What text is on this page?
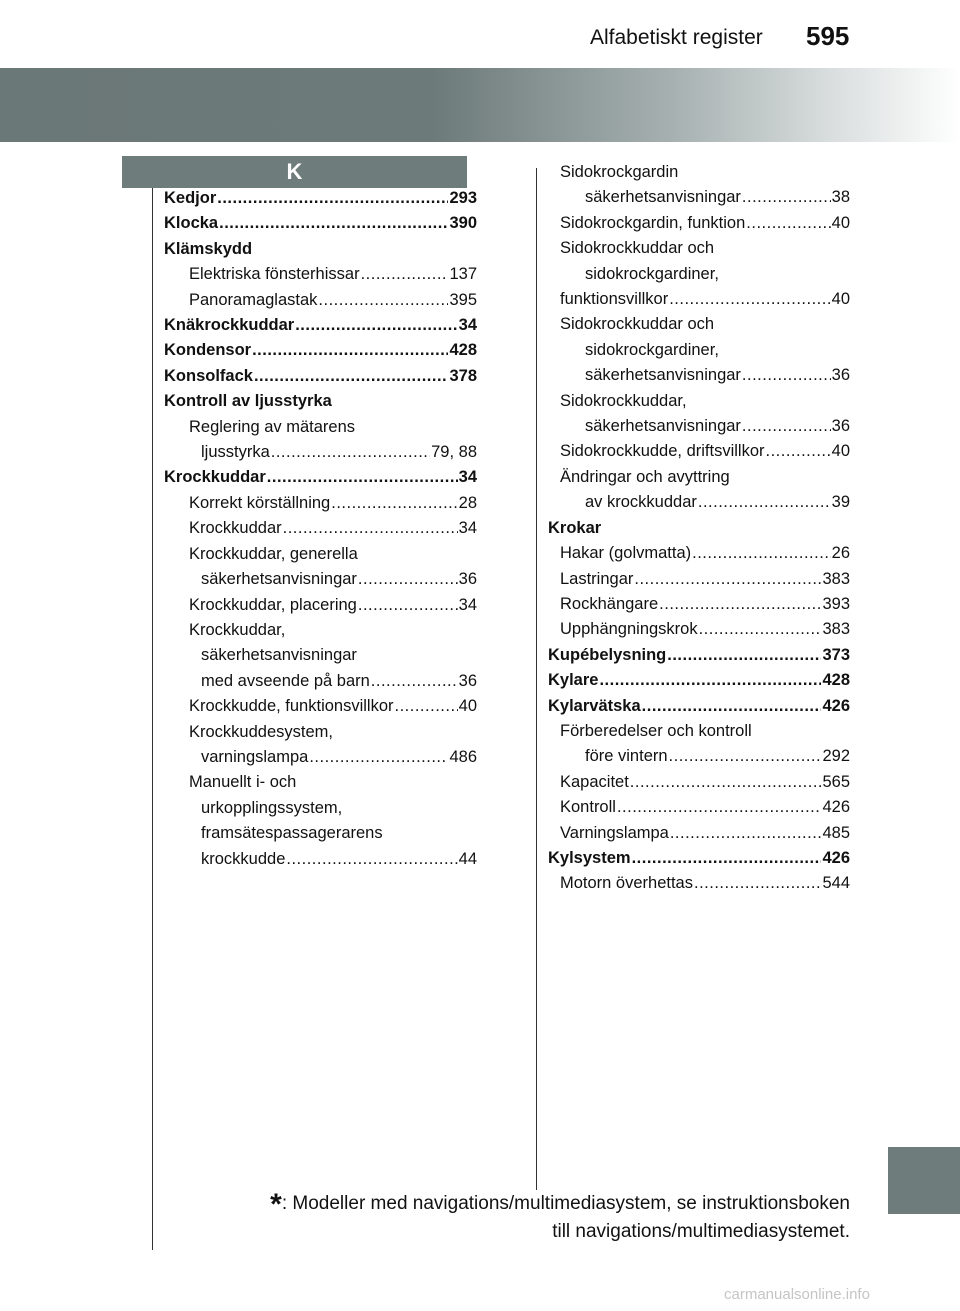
Alfabetiskt register 595
K
Kedjor .....	293
Klocka .....	390
Klämskydd
Elektriska fönsterhissar .....	137
Panoramaglastak .....	395
Knäkrockkuddar .....	34
Kondensor .....	428
Konsolfack .....	378
Kontroll av ljusstyrka
Reglering av mätarens
ljusstyrka .....	79, 88
Krockkuddar .....	34
Korrekt körställning .....	28
Krockkuddar .....	34
Krockkuddar, generella
säkerhetsanvisningar .....	36
Krockkuddar, placering .....	34
Krockkuddar,
säkerhetsanvisningar
med avseende på barn .....	36
Krockkudde, funktionsvillkor .....	40
Krockkuddesystem,
varningslampa .....	486
Manuellt i- och
urkopplingssystem,
framsätespassagerarens
krockkudde .....	44
Sidokrockgardin
säkerhetsanvisningar .....	38
Sidokrockgardin, funktion .....	40
Sidokrockkuddar och
sidokrockgardiner,
funktionsvillkor .....	40
Sidokrockkuddar och
sidokrockgardiner,
säkerhetsanvisningar .....	36
Sidokrockkuddar,
säkerhetsanvisningar .....	36
Sidokrockkudde, driftsvillkor .....	40
Ändringar och avyttring
av krockkuddar .....	39
Krokar
Hakar (golvmatta) .....	26
Lastringar .....	383
Rockhängare .....	393
Upphängningskrok .....	383
Kupébelysning .....	373
Kylare .....	428
Kylarvätska .....	426
Förberedelser och kontroll
före vintern .....	292
Kapacitet .....	565
Kontroll .....	426
Varningslampa .....	485
Kylsystem .....	426
Motorn överhettas .....	544
*: Modeller med navigations/multimediasystem, se instruktionsboken
till navigations/multimediasystemet.
carmanualsonline.info
